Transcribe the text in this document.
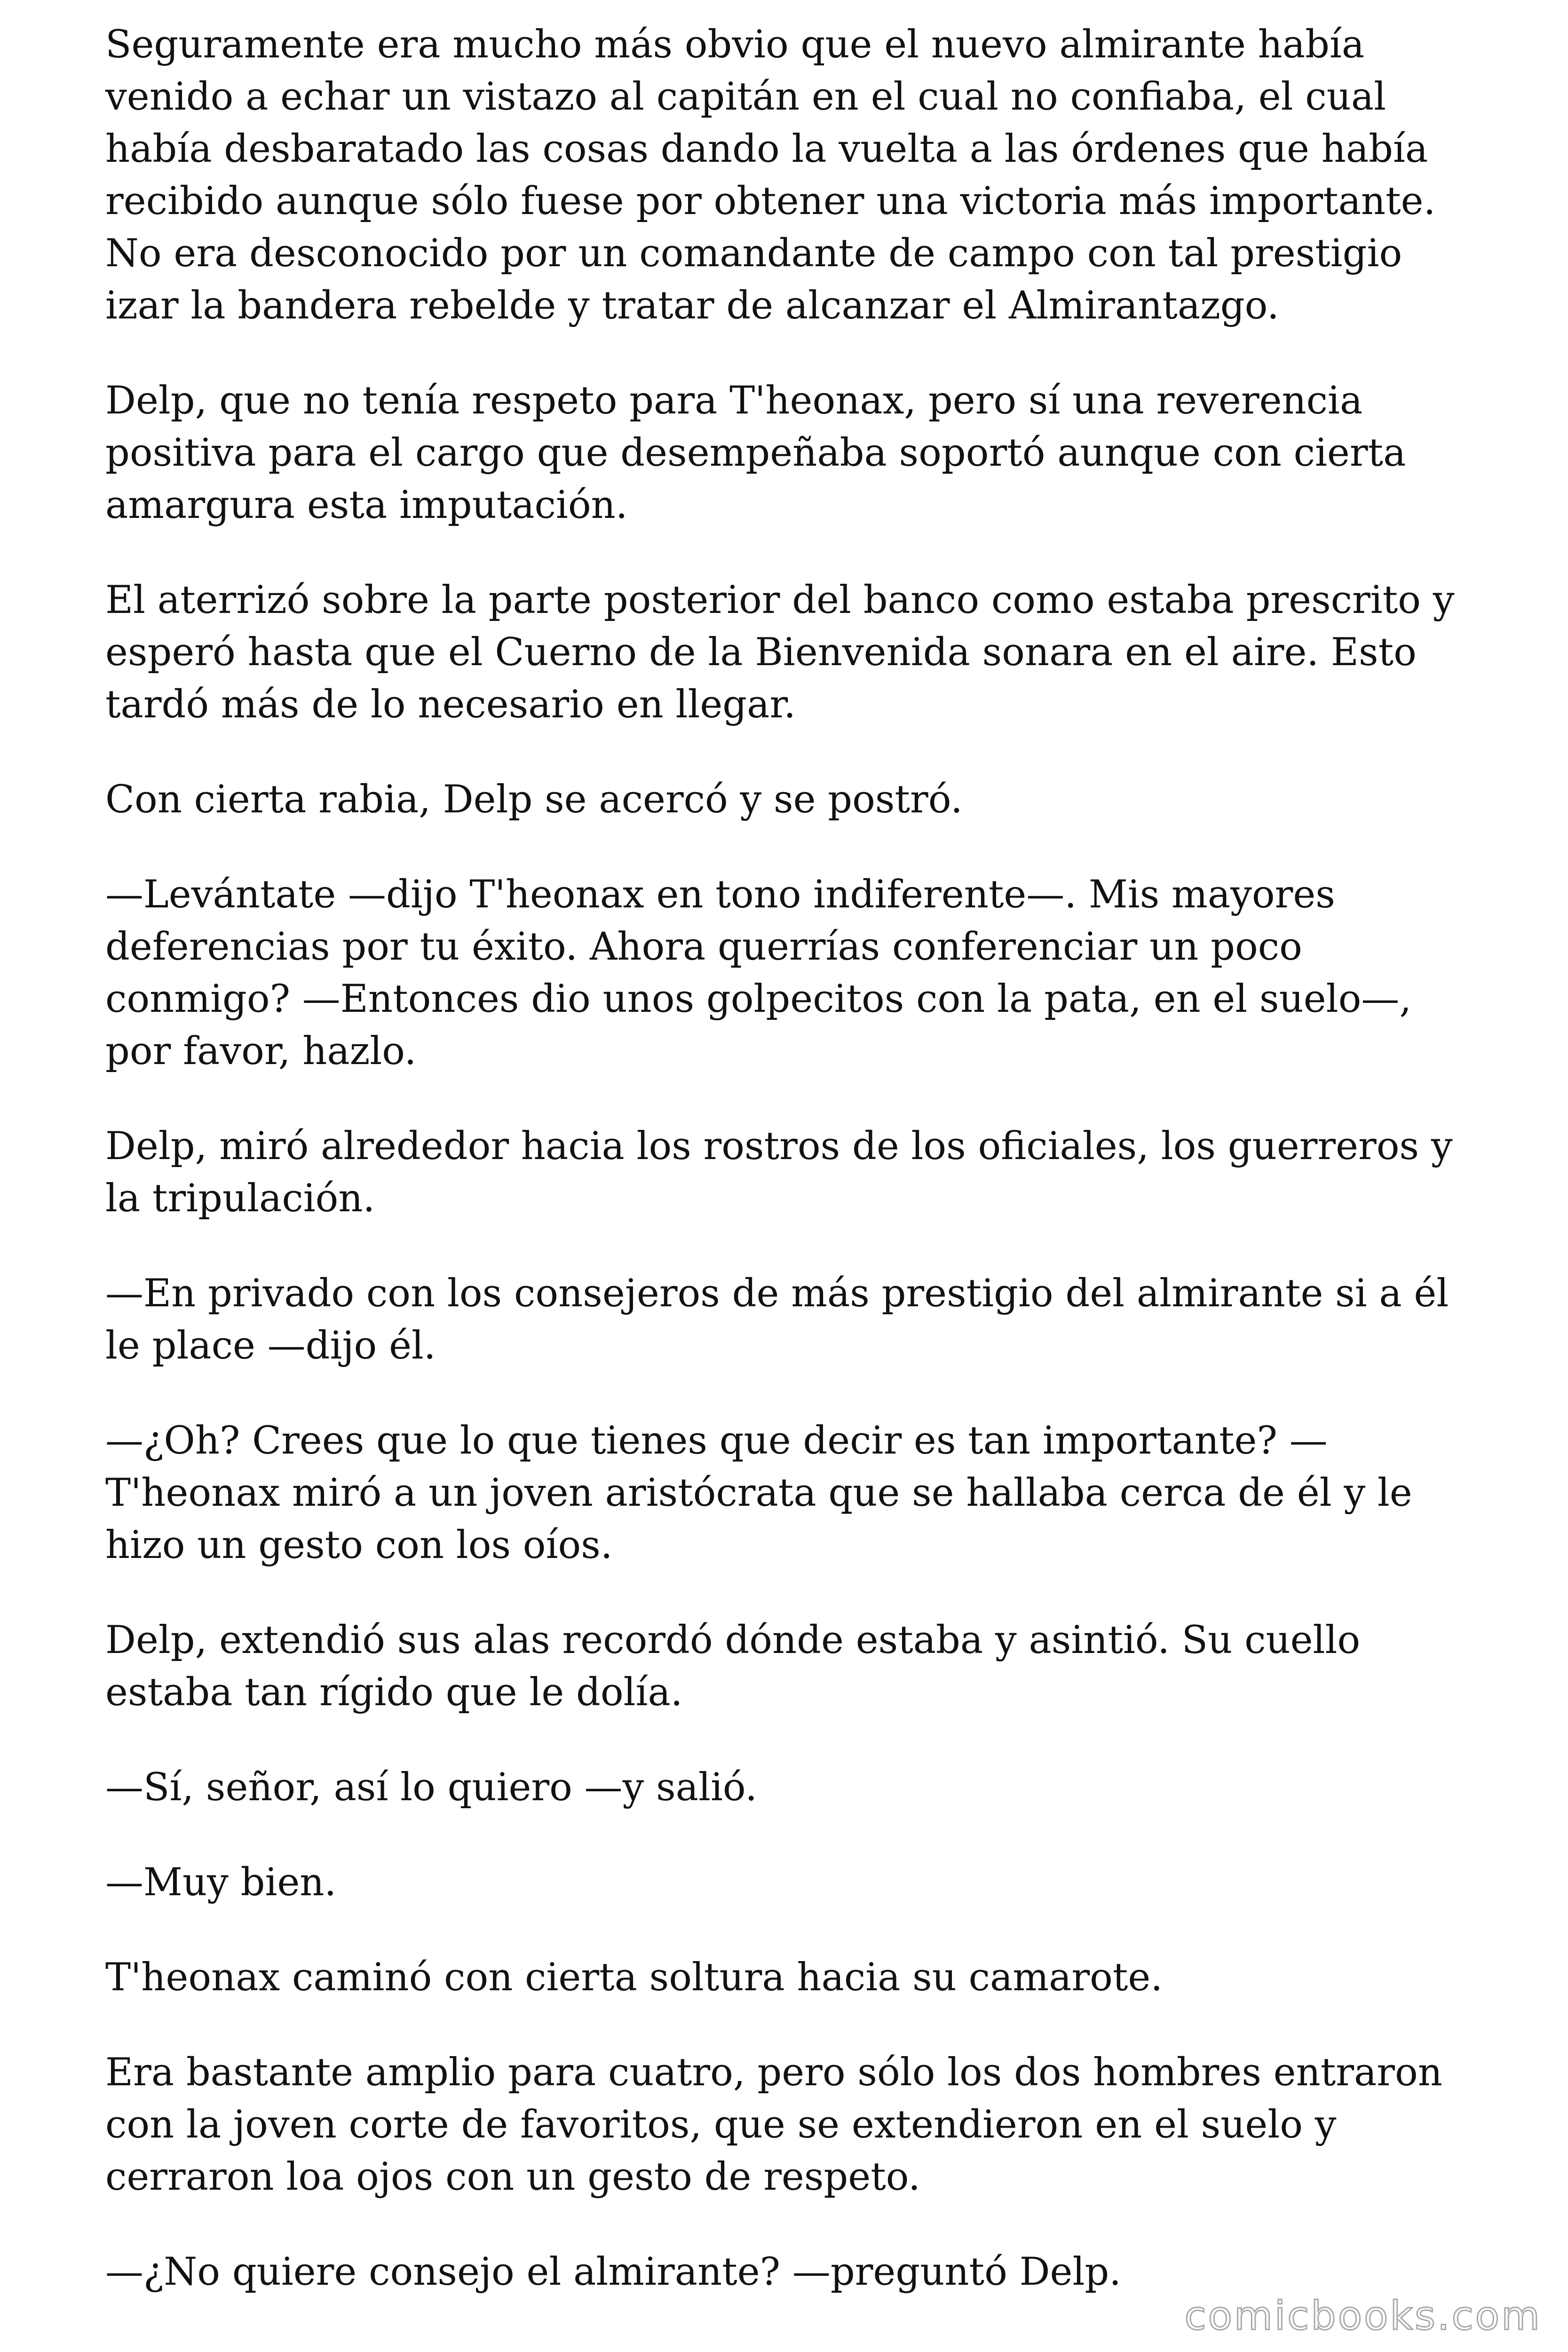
Seguramente era mucho más obvio que el nuevo almirante había venido a echar un vistazo al capitán en el cual no confiaba, el cual había desbaratado las cosas dando la vuelta a las órdenes que había recibido aunque sólo fuese por obtener una victoria más importante. No era desconocido por un comandante de campo con tal prestigio izar la bandera rebelde y tratar de alcanzar el Almirantazgo.

Delp, que no tenía respeto para T'heonax, pero sí una reverencia positiva para el cargo que desempeñaba soportó aunque con cierta amargura esta imputación.

El aterrizó sobre la parte posterior del banco como estaba prescrito y esperó hasta que el Cuerno de la Bienvenida sonara en el aire. Esto tardó más de lo necesario en llegar.

Con cierta rabia, Delp se acercó y se postró.

—Levántate —dijo T'heonax en tono indiferente—. Mis mayores deferencias por tu éxito. Ahora querrías conferenciar un poco conmigo? —Entonces dio unos golpecitos con la pata, en el suelo—, por favor, hazlo.

Delp, miró alrededor hacia los rostros de los oficiales, los guerreros y la tripulación.

—En privado con los consejeros de más prestigio del almirante si a él le place —dijo él.

—¿Oh? Crees que lo que tienes que decir es tan importante? — T'heonax miró a un joven aristócrata que se hallaba cerca de él y le hizo un gesto con los oíos.

Delp, extendió sus alas recordó dónde estaba y asintió. Su cuello estaba tan rígido que le dolía.

—Sí, señor, así lo quiero —y salió.

—Muy bien.

T'heonax caminó con cierta soltura hacia su camarote.

Era bastante amplio para cuatro, pero sólo los dos hombres entraron con la joven corte de favoritos, que se extendieron en el suelo y cerraron loa ojos con un gesto de respeto.

—¿No quiere consejo el almirante? —preguntó Delp.

comicbooks.com
